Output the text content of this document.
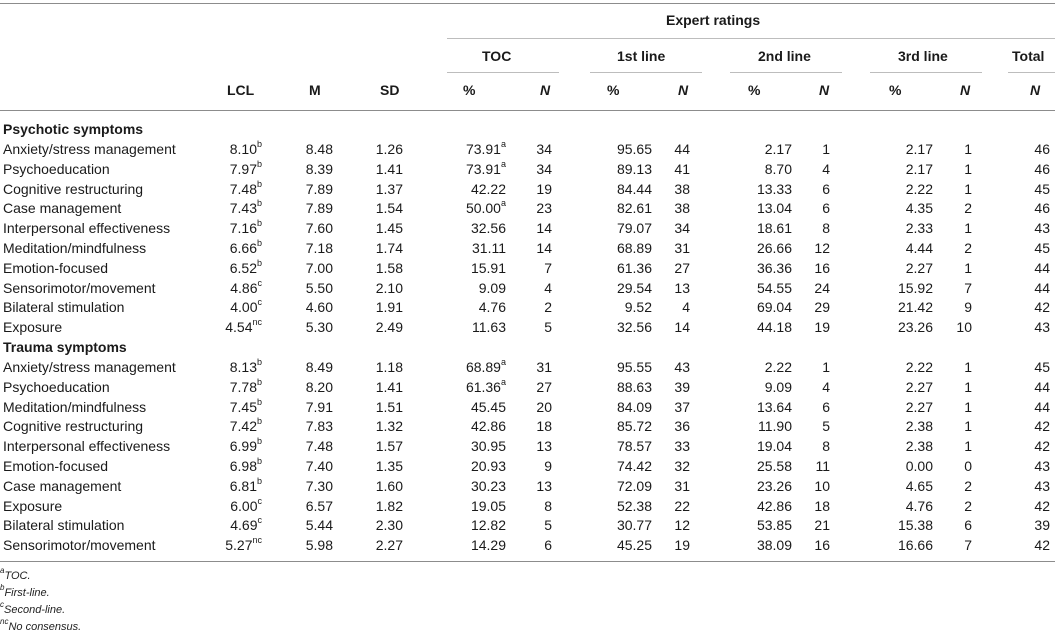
Expert ratings
TOC	1st line	2nd line	3rd line	Total
LCL	M	SD	%	N	%	N	%	N	%	N	N
Psychotic symptoms
Anxiety/stress management	8.10$^b$	8.48	1.26	73.91$^a$	34	95.65	44	2.17	1	2.17	1	46
Psychoeducation	7.97$^b$	8.39	1.41	73.91$^a$	34	89.13	41	8.70	4	2.17	1	46
Cognitive restructuring	7.48$^b$	7.89	1.37	42.22	19	84.44	38	13.33	6	2.22	1	45
Case management	7.43$^b$	7.89	1.54	50.00$^a$	23	82.61	38	13.04	6	4.35	2	46
Interpersonal effectiveness	7.16$^b$	7.60	1.45	32.56	14	79.07	34	18.61	8	2.33	1	43
Meditation/mindfulness	6.66$^b$	7.18	1.74	31.11	14	68.89	31	26.66	12	4.44	2	45
Emotion-focused	6.52$^b$	7.00	1.58	15.91	7	61.36	27	36.36	16	2.27	1	44
Sensorimotor/movement	4.86$^c$	5.50	2.10	9.09	4	29.54	13	54.55	24	15.92	7	44
Bilateral stimulation	4.00$^c$	4.60	1.91	4.76	2	9.52	4	69.04	29	21.42	9	42
Exposure	$4.54^{nc}$	5.30	2.49	11.63	5	32.56	14	44.18	19	23.26	10	43
Trauma symptoms
Anxiety/stress management	8.13$^b$	8.49	1.18	68.89$^a$	31	95.55	43	2.22	1	2.22	1	45
Psychoeducation	7.78$^b$	8.20	1.41	61.36$^a$	27	88.63	39	9.09	4	2.27	1	44
Meditation/mindfulness	7.45$^b$	7.91	1.51	45.45	20	84.09	37	13.64	6	2.27	1	44
Cognitive restructuring	7.42$^b$	7.83	1.32	42.86	18	85.72	36	11.90	5	2.38	1	42
Interpersonal effectiveness	6.99$^b$	7.48	1.57	30.95	13	78.57	33	19.04	8	2.38	1	42
Emotion-focused	6.98$^b$	7.40	1.35	20.93	9	74.42	32	25.58	11	0.00	0	43
Case management	6.81$^b$	7.30	1.60	30.23	13	72.09	31	23.26	10	4.65	2	43
Exposure	6.00$^c$	6.57	1.82	19.05	8	52.38	22	42.86	18	4.76	2	42
Bilateral stimulation	4.69$^c$	5.44	2.30	12.82	5	30.77	12	53.85	21	15.38	6	39
Sensorimotor/movement	$5.27^{nc}$	5.98	2.27	14.29	6	45.25	19	38.09	16	16.66	7	42
$^a$TOC.
$^b$First-line.
$^c$Second-line.
$^{nc}$No consensus.
